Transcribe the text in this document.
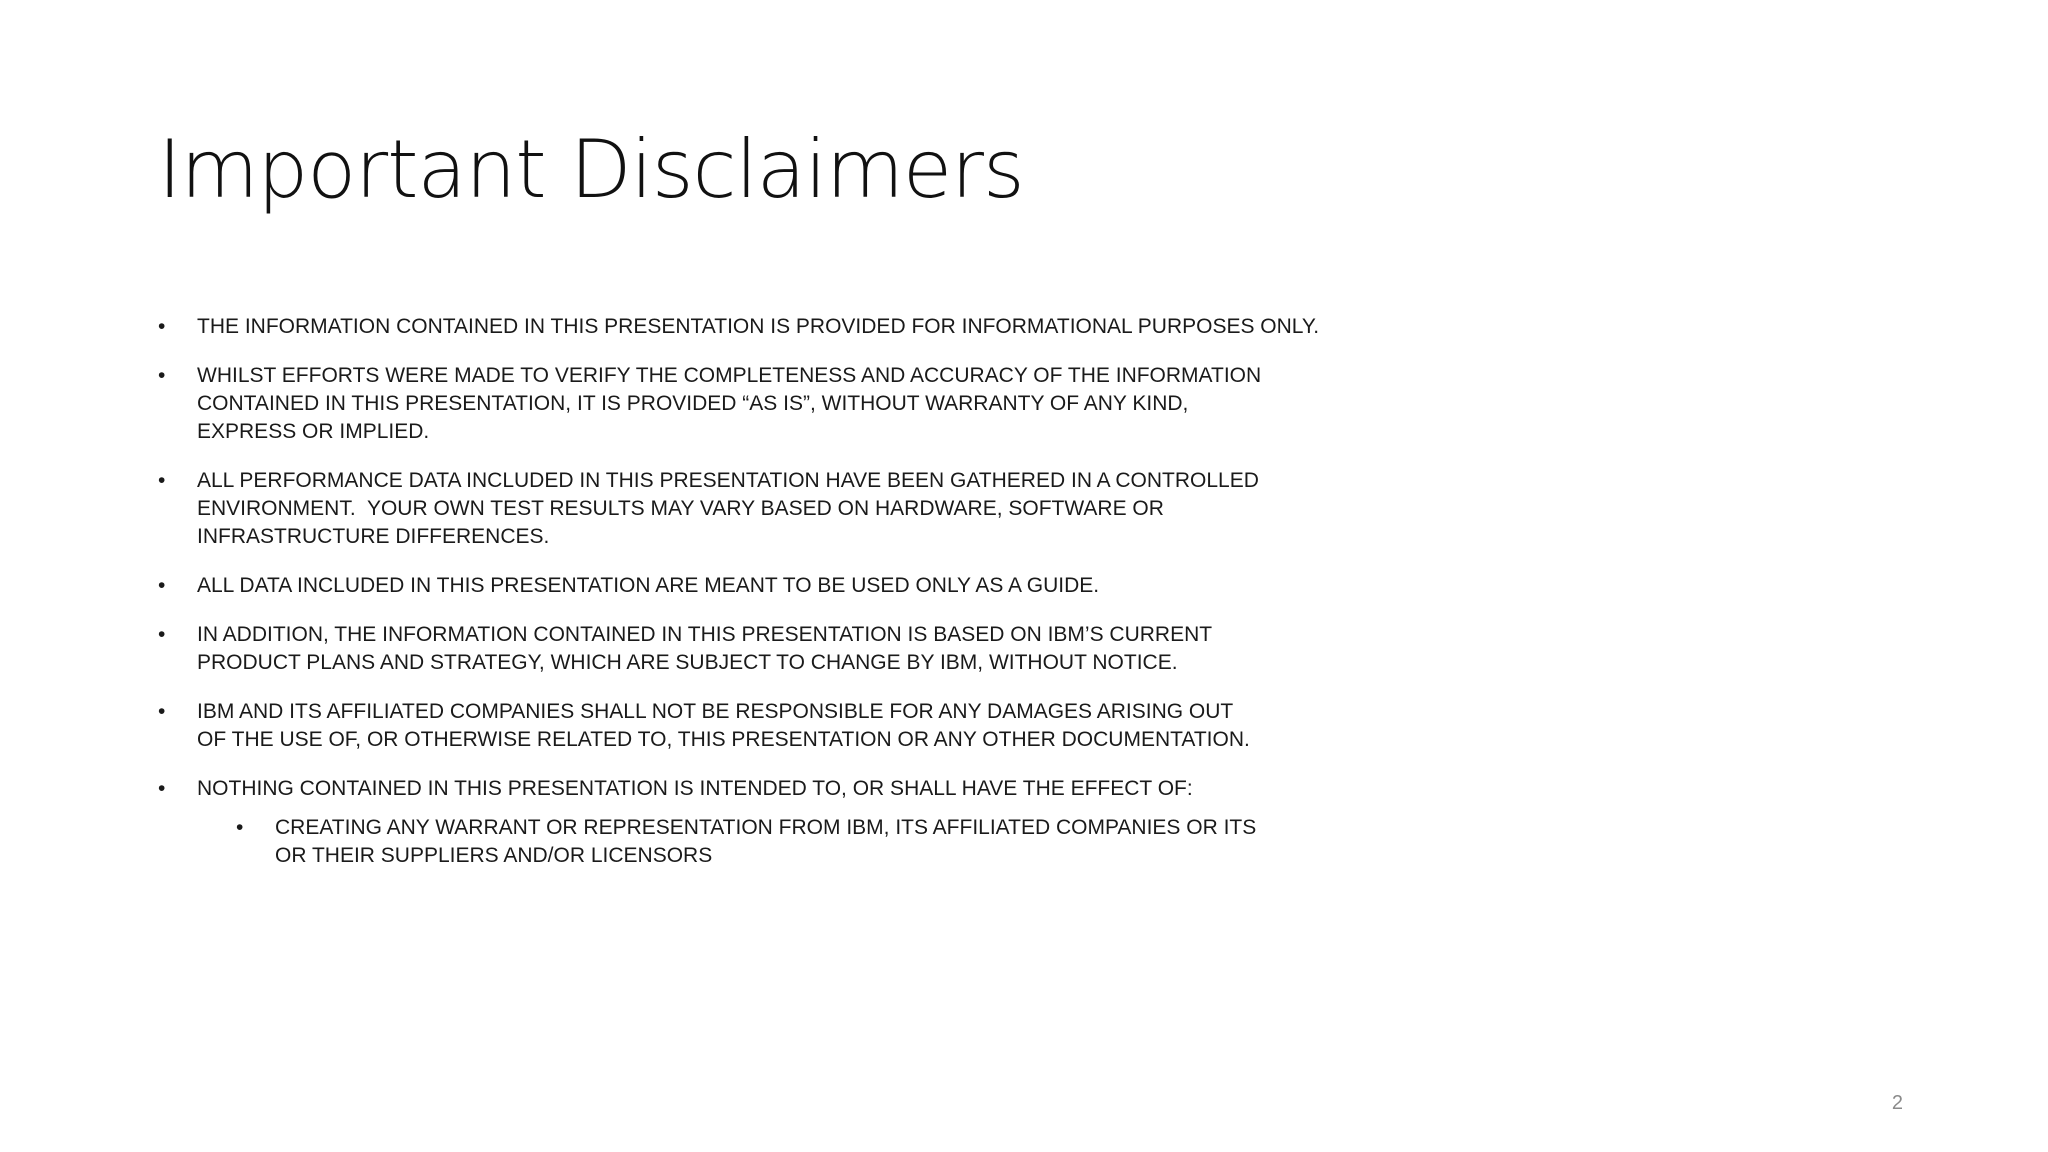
Important Disclaimers
•	THE INFORMATION CONTAINED IN THIS PRESENTATION IS PROVIDED FOR INFORMATIONAL PURPOSES ONLY.
•	WHILST EFFORTS WERE MADE TO VERIFY THE COMPLETENESS AND ACCURACY OF THE INFORMATION
CONTAINED IN THIS PRESENTATION, IT IS PROVIDED “AS IS”, WITHOUT WARRANTY OF ANY KIND,
EXPRESS OR IMPLIED.
•	ALL PERFORMANCE DATA INCLUDED IN THIS PRESENTATION HAVE BEEN GATHERED IN A CONTROLLED
ENVIRONMENT.  YOUR OWN TEST RESULTS MAY VARY BASED ON HARDWARE, SOFTWARE OR
INFRASTRUCTURE DIFFERENCES.
•	ALL DATA INCLUDED IN THIS PRESENTATION ARE MEANT TO BE USED ONLY AS A GUIDE.
•	IN ADDITION, THE INFORMATION CONTAINED IN THIS PRESENTATION IS BASED ON IBM’S CURRENT
PRODUCT PLANS AND STRATEGY, WHICH ARE SUBJECT TO CHANGE BY IBM, WITHOUT NOTICE.
•	IBM AND ITS AFFILIATED COMPANIES SHALL NOT BE RESPONSIBLE FOR ANY DAMAGES ARISING OUT
OF THE USE OF, OR OTHERWISE RELATED TO, THIS PRESENTATION OR ANY OTHER DOCUMENTATION.
•	NOTHING CONTAINED IN THIS PRESENTATION IS INTENDED TO, OR SHALL HAVE THE EFFECT OF:
•	CREATING ANY WARRANT OR REPRESENTATION FROM IBM, ITS AFFILIATED COMPANIES OR ITS
OR THEIR SUPPLIERS AND/OR LICENSORS
2
